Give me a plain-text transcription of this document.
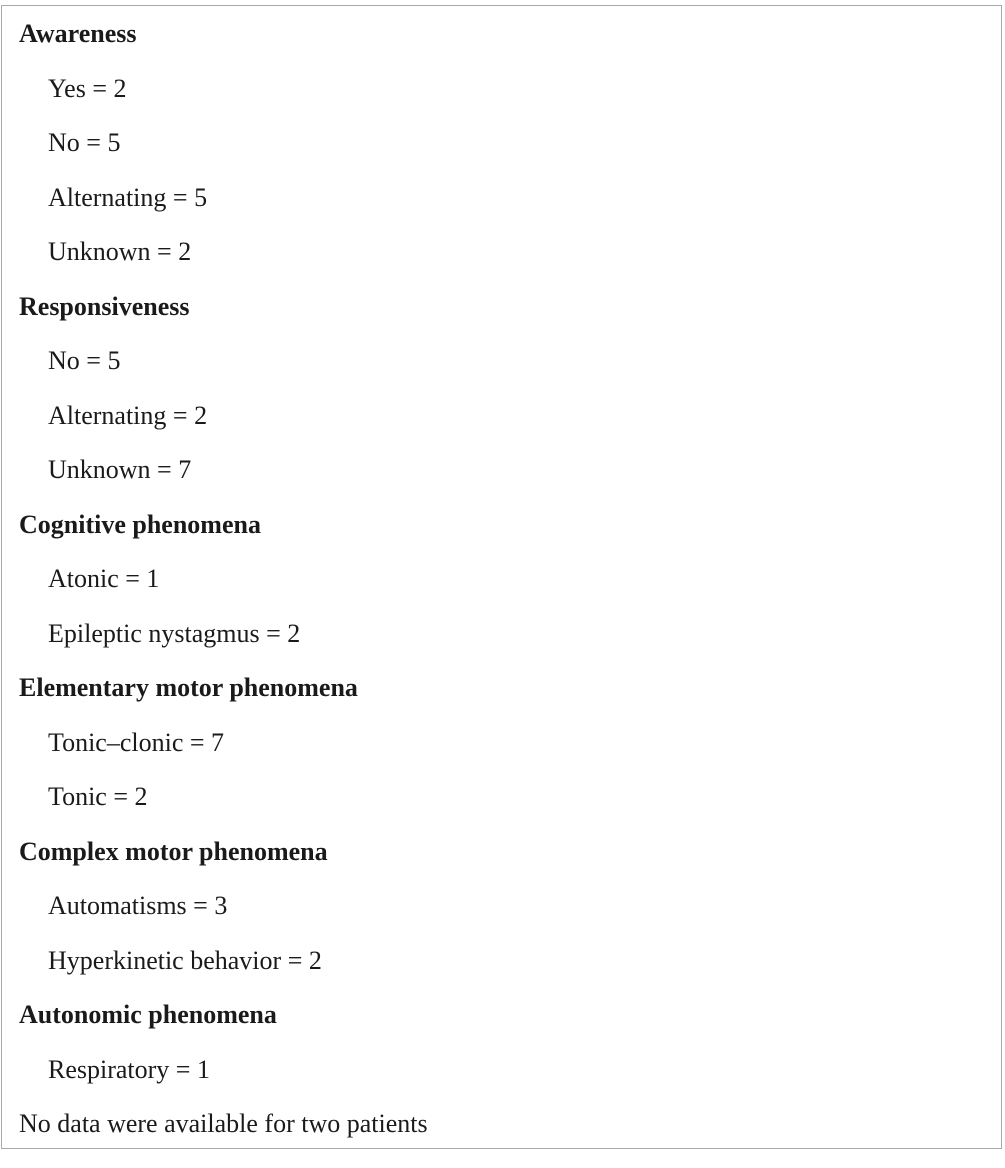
Awareness
Yes = 2
No = 5
Alternating = 5
Unknown = 2
Responsiveness
No = 5
Alternating = 2
Unknown = 7
Cognitive phenomena
Atonic = 1
Epileptic nystagmus = 2
Elementary motor phenomena
Tonic–clonic = 7
Tonic = 2
Complex motor phenomena
Automatisms = 3
Hyperkinetic behavior = 2
Autonomic phenomena
Respiratory = 1
No data were available for two patients
